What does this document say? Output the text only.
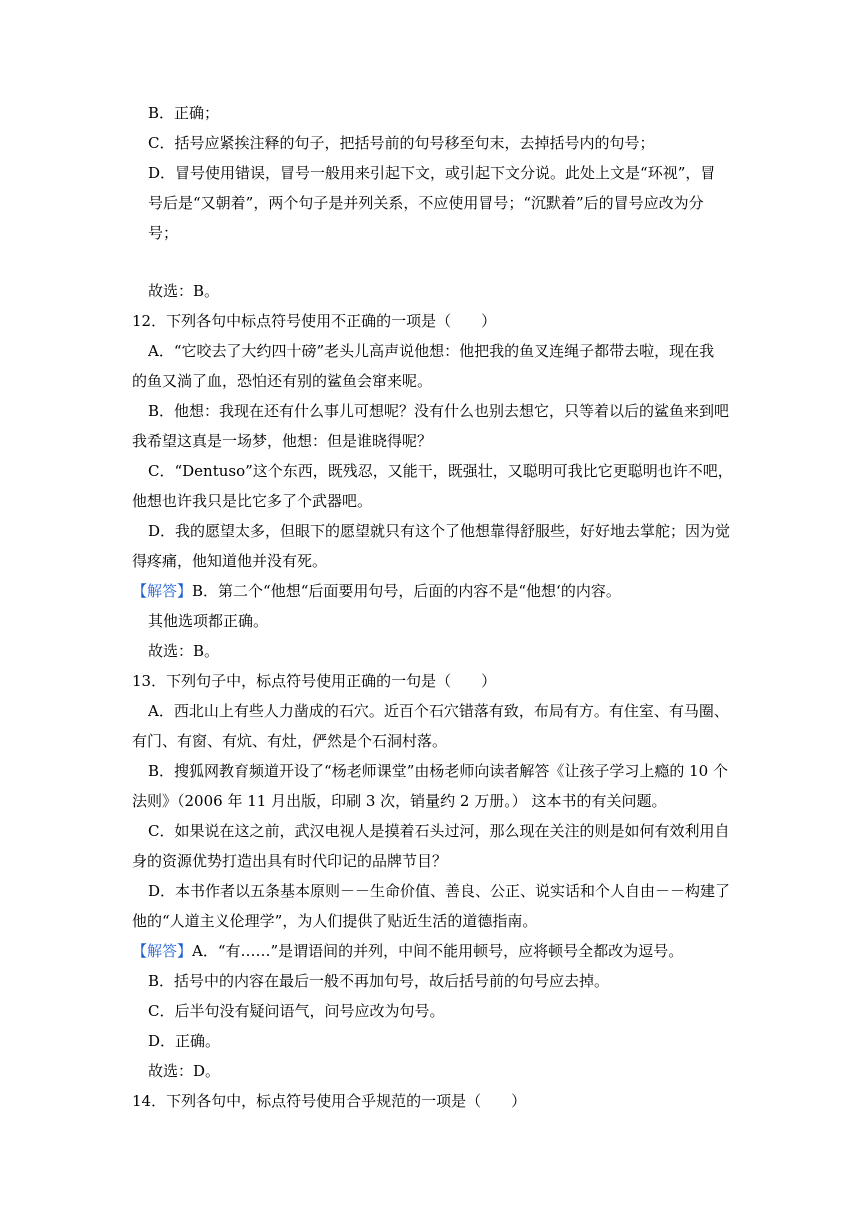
B．正确；
C．括号应紧挨注释的句子，把括号前的句号移至句末，去掉括号内的句号；
D．冒号使用错误，冒号一般用来引起下文，或引起下文分说。此处上文是“环视”，冒
号后是“又朝着”，两个句子是并列关系，不应使用冒号；“沉默着”后的冒号应改为分
号；
故选：B。
12．下列各句中标点符号使用不正确的一项是（　　）
A．“它咬去了大约四十磅”老头儿高声说他想：他把我的鱼叉连绳子都带去啦，现在我
的鱼又淌了血，恐怕还有别的鲨鱼会窜来呢。
B．他想：我现在还有什么事儿可想呢？没有什么也别去想它，只等着以后的鲨鱼来到吧
我希望这真是一场梦，他想：但是谁晓得呢？
C．“Dentuso”这个东西，既残忍，又能干，既强壮，又聪明可我比它更聪明也许不吧，
他想也许我只是比它多了个武器吧。
D．我的愿望太多，但眼下的愿望就只有这个了他想靠得舒服些，好好地去掌舵；因为觉
得疼痛，他知道他并没有死。
【解答】B．第二个“他想“后面要用句号，后面的内容不是“他想‘的内容。
其他选项都正确。
故选：B。
13．下列句子中，标点符号使用正确的一句是（　　）
A．西北山上有些人力凿成的石穴。近百个石穴错落有致，布局有方。有住室、有马圈、
有门、有窗、有炕、有灶，俨然是个石洞村落。
B．搜狐网教育频道开设了“杨老师课堂”由杨老师向读者解答《让孩子学习上瘾的 10 个
法则》（2006 年 11 月出版，印刷 3 次，销量约 2 万册。） 这本书的有关问题。
C．如果说在这之前，武汉电视人是摸着石头过河，那么现在关注的则是如何有效利用自
身的资源优势打造出具有时代印记的品牌节目？
D．本书作者以五条基本原则－－生命价值、善良、公正、说实话和个人自由－－构建了
他的“人道主义伦理学”，为人们提供了贴近生活的道德指南。
【解答】A．“有……”是谓语间的并列，中间不能用顿号，应将顿号全都改为逗号。
B．括号中的内容在最后一般不再加句号，故后括号前的句号应去掉。
C．后半句没有疑问语气，问号应改为句号。
D．正确。
故选：D。
14．下列各句中，标点符号使用合乎规范的一项是（　　）
